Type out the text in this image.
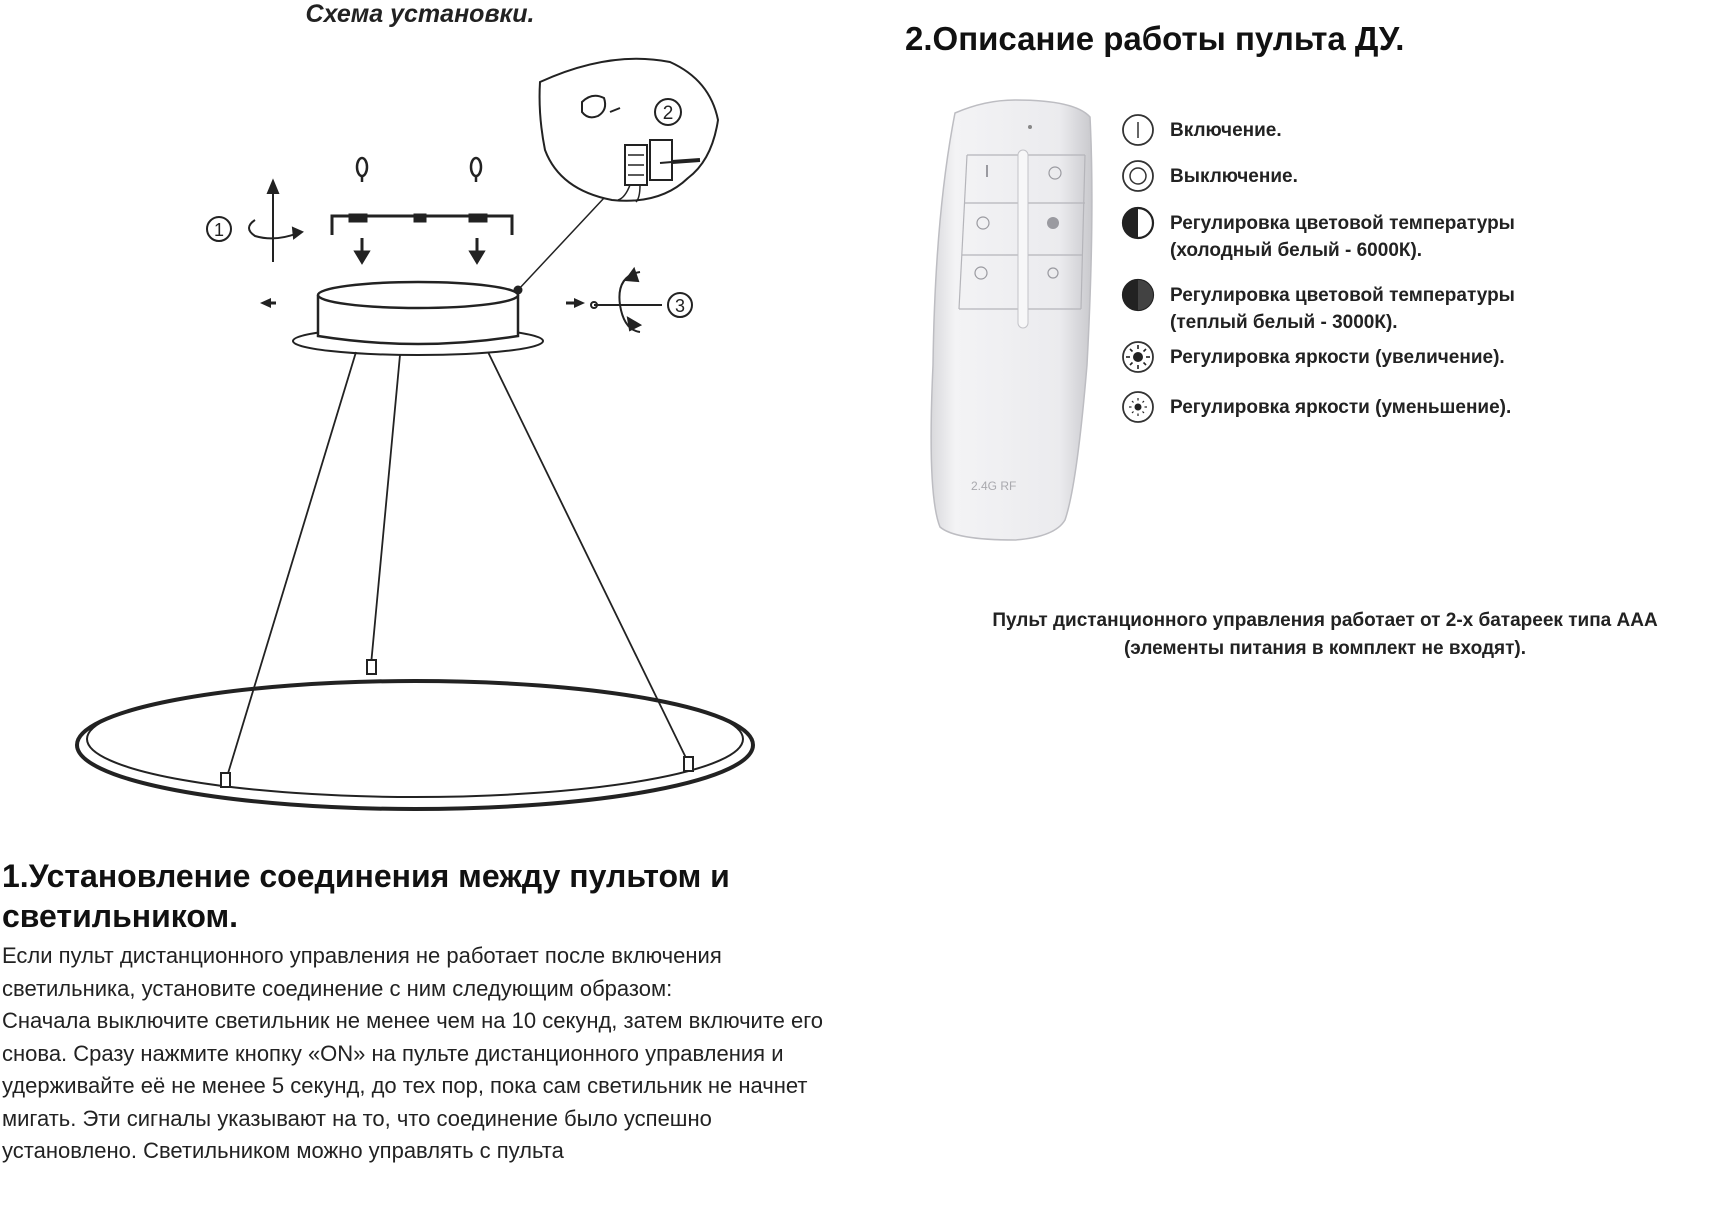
Схема установки.
1
3
2
2.Описание работы пульта ДУ.
2.4G RF
Включение.
Выключение.
Регулировка цветовой температуры
(холодный белый - 6000К).
Регулировка цветовой температуры
(теплый белый - 3000К).
Регулировка яркости (увеличение).
Регулировка яркости (уменьшение).
Пульт дистанционного управления работает от 2-х батареек типа ААА
(элементы питания в комплект не входят).
1.Установление соединения между пультом и светильником.

Если пульт дистанционного управления не работает после включения светильника, установите соединение с ним следующим образом:

Сначала выключите светильник не менее чем на 10 секунд, затем включите его снова. Сразу нажмите кнопку «ON» на пульте дистанционного управления и удерживайте её не менее 5 секунд, до тех пор, пока сам светильник не начнет мигать. Эти сигналы указывают на то, что соединение было успешно установлено. Светильником можно управлять с пульта
